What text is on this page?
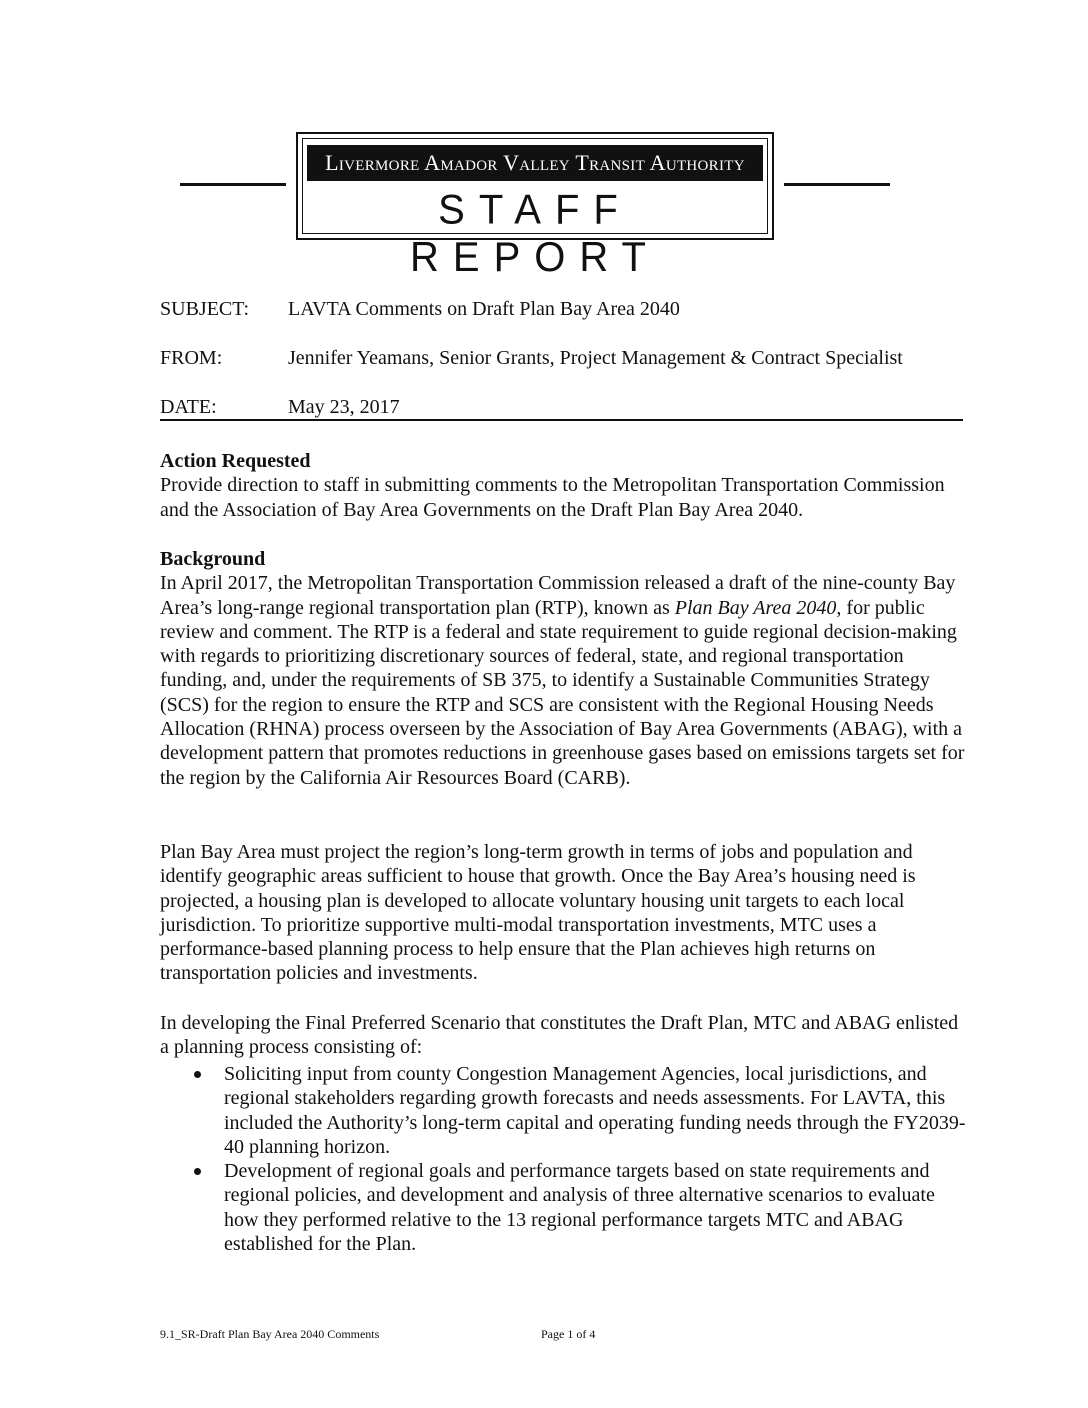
Livermore Amador Valley Transit Authority
STAFF REPORT
SUBJECT: LAVTA Comments on Draft Plan Bay Area 2040
FROM:	Jennifer Yeamans, Senior Grants, Project Management & Contract Specialist
DATE:	May 23, 2017
Action Requested

Provide direction to staff in submitting comments to the Metropolitan Transportation Commission and the Association of Bay Area Governments on the Draft Plan Bay Area 2040.

Background

In April 2017, the Metropolitan Transportation Commission released a draft of the nine-county Bay Area’s long-range regional transportation plan (RTP), known as Plan Bay Area 2040, for public review and comment. The RTP is a federal and state requirement to guide regional decision-making with regards to prioritizing discretionary sources of federal, state, and regional transportation funding, and, under the requirements of SB 375, to identify a Sustainable Communities Strategy (SCS) for the region to ensure the RTP and SCS are consistent with the Regional Housing Needs Allocation (RHNA) process overseen by the Association of Bay Area Governments (ABAG), with a development pattern that promotes reductions in greenhouse gases based on emissions targets set for the region by the California Air Resources Board (CARB).

Plan Bay Area must project the region’s long-term growth in terms of jobs and population and identify geographic areas sufficient to house that growth. Once the Bay Area’s housing need is projected, a housing plan is developed to allocate voluntary housing unit targets to each local jurisdiction. To prioritize supportive multi-modal transportation investments, MTC uses a performance-based planning process to help ensure that the Plan achieves high returns on transportation policies and investments.

In developing the Final Preferred Scenario that constitutes the Draft Plan, MTC and ABAG enlisted a planning process consisting of:

Soliciting input from county Congestion Management Agencies, local jurisdictions, and regional stakeholders regarding growth forecasts and needs assessments. For LAVTA, this included the Authority’s long-term capital and operating funding needs through the FY2039-40 planning horizon.
Development of regional goals and performance targets based on state requirements and regional policies, and development and analysis of three alternative scenarios to evaluate how they performed relative to the 13 regional performance targets MTC and ABAG established for the Plan.
9.1_SR-Draft Plan Bay Area 2040 Comments	Page 1 of 4
